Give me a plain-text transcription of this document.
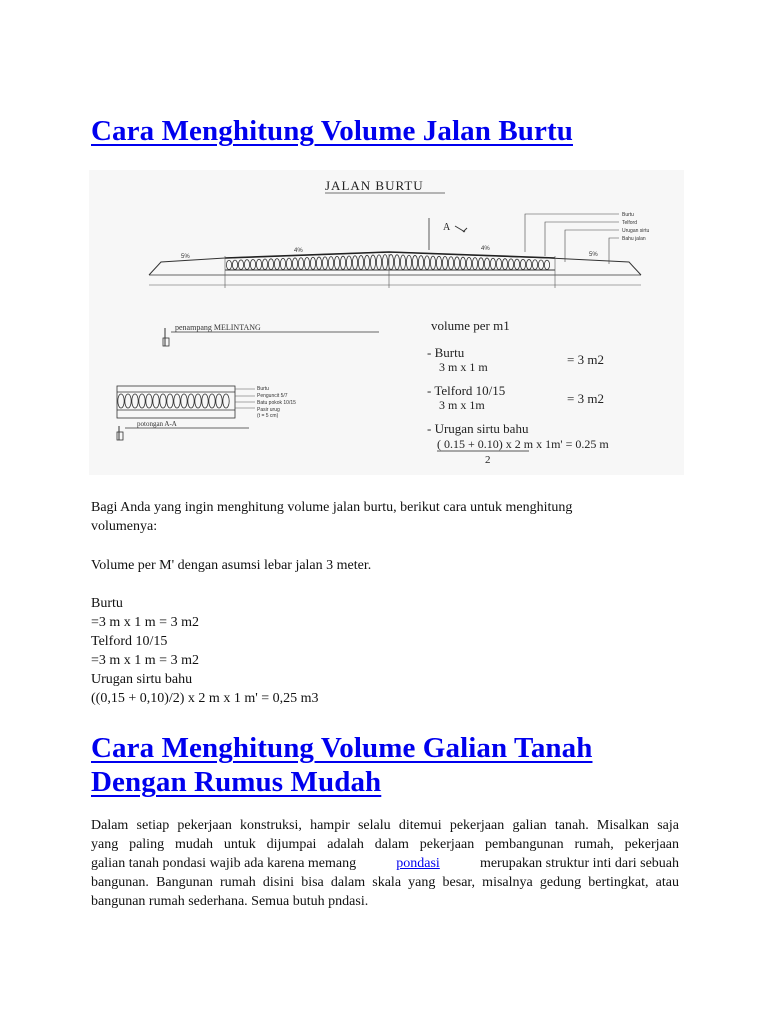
Cara Menghitung Volume Jalan Burtu
JALAN BURTU
5%
4%	4%
5%
A
Burtu
Telford
Urugan sirtu
Bahu jalan
penampang MELINTANG
Burtu
Penguncit 5/7
Batu pokok 10/15
Pasir urug
(t = 5 cm)
potongan A-A
volume per m1
- Burtu
3 m x 1 m	= 3 m2
- Telford 10/15
3 m x 1m	= 3 m2
- Urugan sirtu bahu
( 0.15 + 0.10) x 2 m x 1m' = 0.25 m
2

Bagi Anda yang ingin menghitung volume jalan burtu, berikut cara untuk menghitung
volumenya:

Volume per M' dengan asumsi lebar jalan 3 meter.

Burtu
=3 m x 1 m = 3 m2
Telford 10/15
=3 m x 1 m = 3 m2
Urugan sirtu bahu
((0,15 + 0,10)/2) x 2 m x 1 m' = 0,25 m3
Cara Menghitung Volume Galian Tanah
Dengan Rumus Mudah
Dalam setiap pekerjaan konstruksi, hampir selalu ditemui pekerjaan galian tanah. Misalkan saja
yang paling mudah untuk dijumpai adalah dalam pekerjaan pembangunan rumah, pekerjaan
galian tanah pondasi wajib ada karena memang	pondasi	merupakan struktur inti dari sebuah
bangunan. Bangunan rumah disini bisa dalam skala yang besar, misalnya gedung bertingkat, atau
bangunan rumah sederhana. Semua butuh pndasi.
